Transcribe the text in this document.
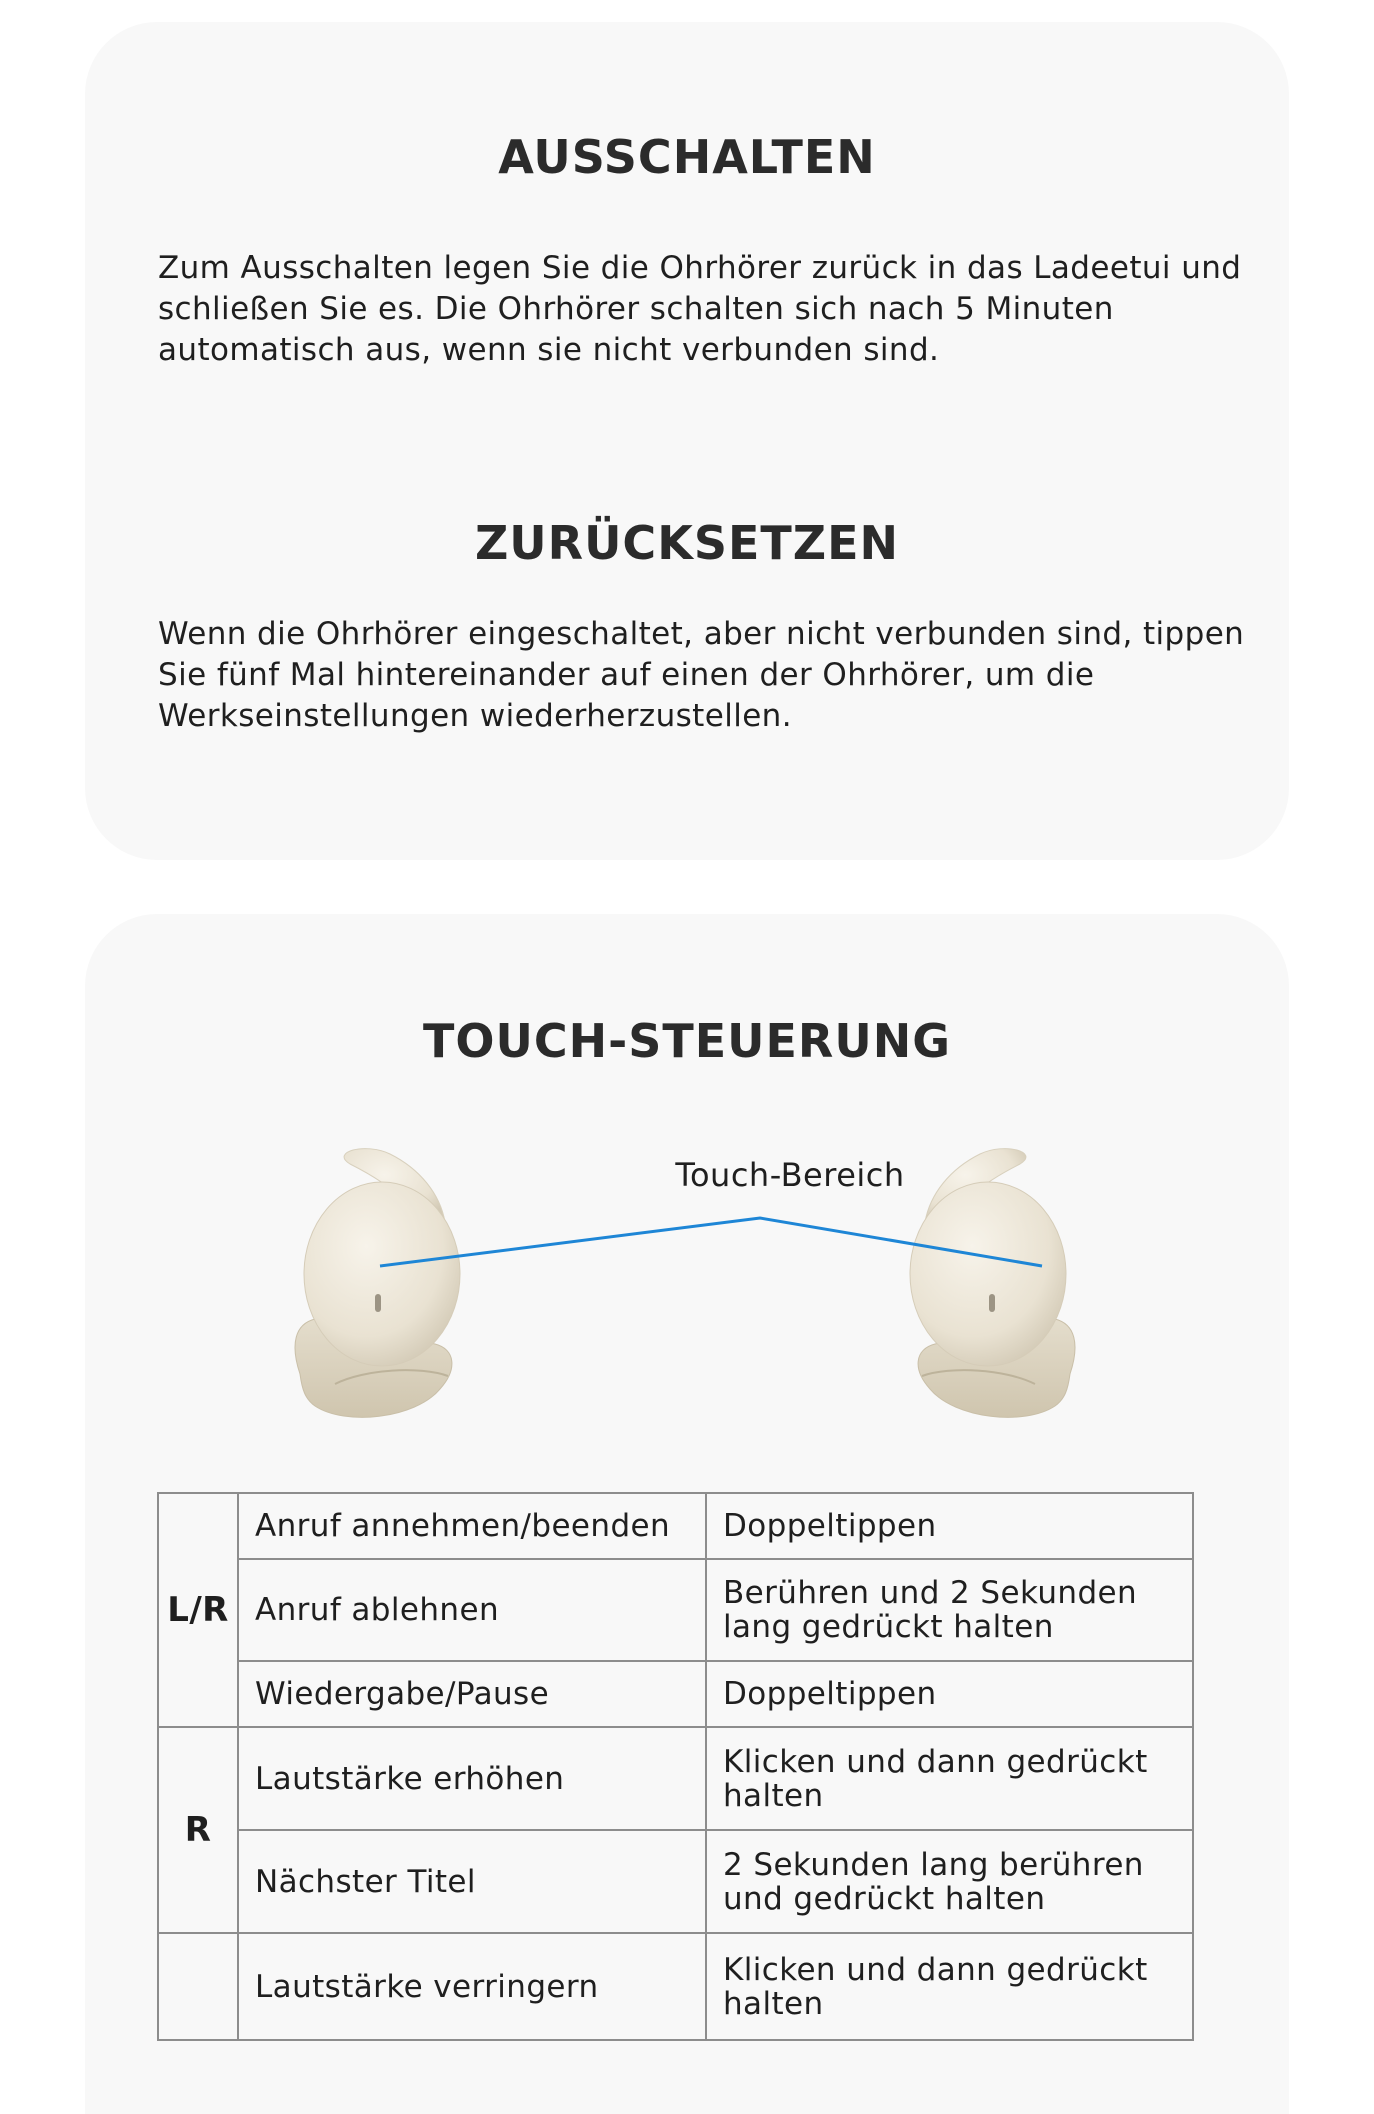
AUSSCHALTEN

Zum Ausschalten legen Sie die Ohrhörer zurück in das Ladeetui und schließen Sie es. Die Ohrhörer schalten sich nach 5 Minuten automatisch aus, wenn sie nicht verbunden sind.

ZURÜCKSETZEN

Wenn die Ohrhörer eingeschaltet, aber nicht verbunden sind, tippen Sie fünf Mal hintereinander auf einen der Ohrhörer, um die Werkseinstellungen wiederherzustellen.

TOUCH-STEUERUNG
Touch-Bereich
L/R	Anruf annehmen/beenden	Doppeltippen
	Anruf ablehnen	Berühren und 2 Sekunden lang gedrückt halten
	Wiedergabe/Pause	Doppeltippen
R	Lautstärke erhöhen	Klicken und dann gedrückt halten
	Nächster Titel	2 Sekunden lang berühren und gedrückt halten
	Lautstärke verringern	Klicken und dann gedrückt halten
